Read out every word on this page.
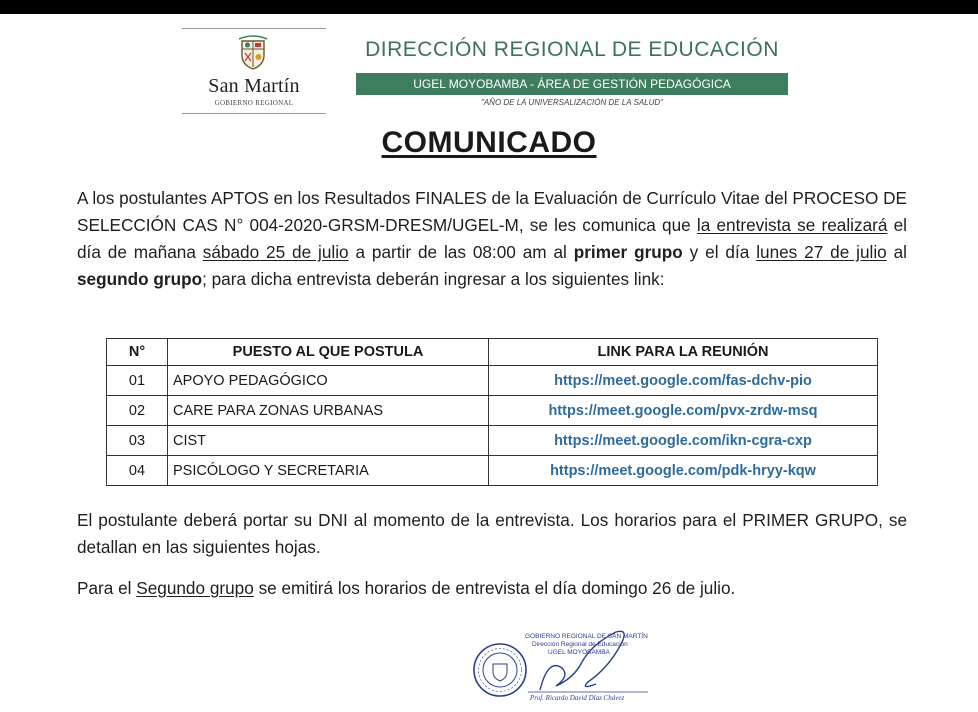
San Martín
GOBIERNO REGIONAL
DIRECCIÓN REGIONAL DE EDUCACIÓN
UGEL MOYOBAMBA - ÁREA DE GESTIÓN PEDAGÓGICA
"AÑO DE LA UNIVERSALIZACIÓN DE LA SALUD"
COMUNICADO
A los postulantes APTOS en los Resultados FINALES de la Evaluación de Currículo Vitae del PROCESO DE SELECCIÓN CAS N° 004-2020-GRSM-DRESM/UGEL-M, se les comunica que la entrevista se realizará el día de mañana sábado 25 de julio a partir de las 08:00 am al primer grupo y el día lunes 27 de julio al segundo grupo; para dicha entrevista deberán ingresar a los siguientes link:
N°	PUESTO AL QUE POSTULA	LINK PARA LA REUNIÓN
01	APOYO PEDAGÓGICO	https://meet.google.com/fas-dchv-pio
02	CARE PARA ZONAS URBANAS	https://meet.google.com/pvx-zrdw-msq
03	CIST	https://meet.google.com/ikn-cgra-cxp
04	PSICÓLOGO Y SECRETARIA	https://meet.google.com/pdk-hryy-kqw
El postulante deberá portar su DNI al momento de la entrevista. Los horarios para el PRIMER GRUPO, se detallan en las siguientes hojas.
Para el Segundo grupo se emitirá los horarios de entrevista el día domingo 26 de julio.
GOBIERNO REGIONAL DE SAN MARTÍN
Dirección Regional de Educación
UGEL MOYOBAMBA
Prof. Ricardo David Díaz Chávez
